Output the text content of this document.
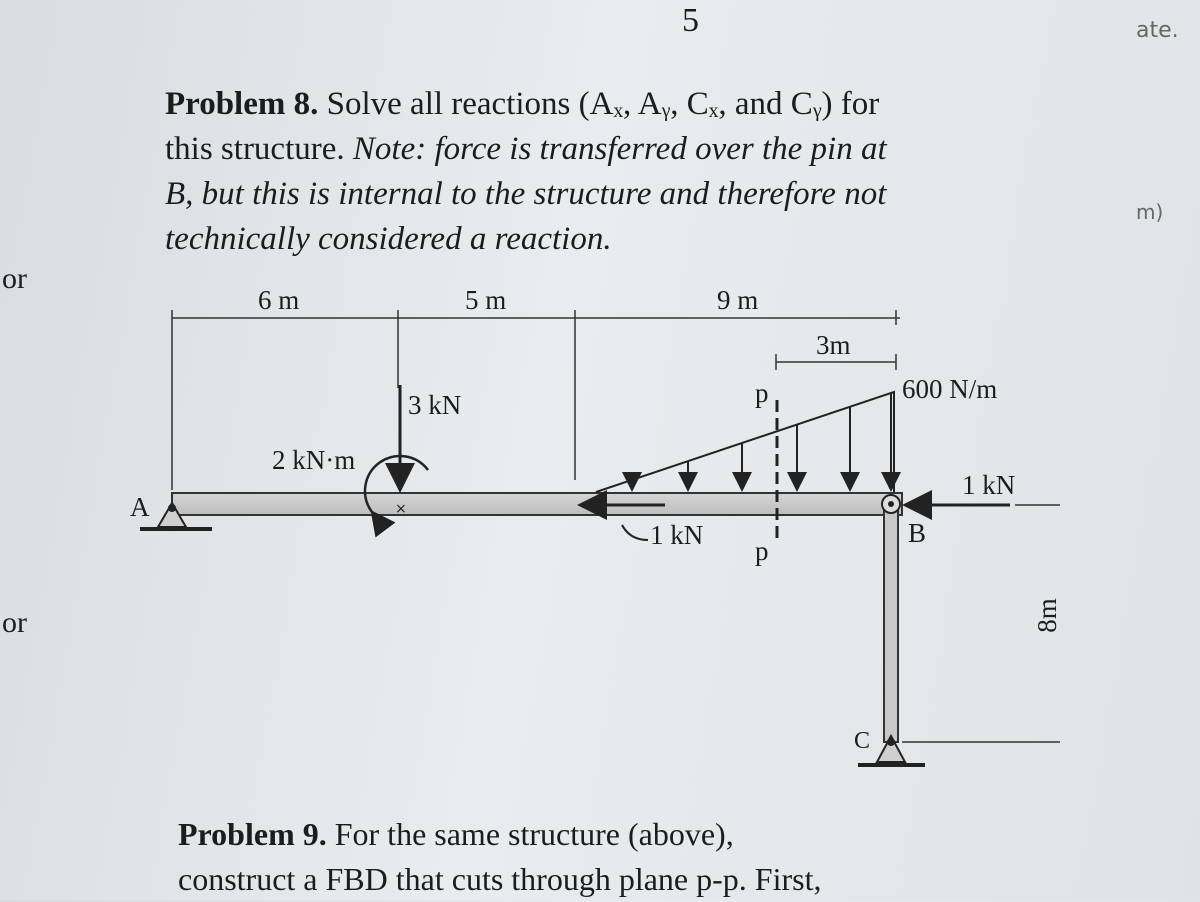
5	ate.
m)
or
or
Problem 8. Solve all reactions (Aₓ, Aᵧ, Cₓ, and Cᵧ) for
this structure. Note: force is transferred over the pin at
B, but this is internal to the structure and therefore not
technically considered a reaction.
×
6 m	5 m	9 m
3m
8m
3 kN
2 kN·m
600 N/m
1 kN
1 kN
A
B
C
p
p
Problem 9. For the same structure (above),
construct a FBD that cuts through plane p-p. First,
